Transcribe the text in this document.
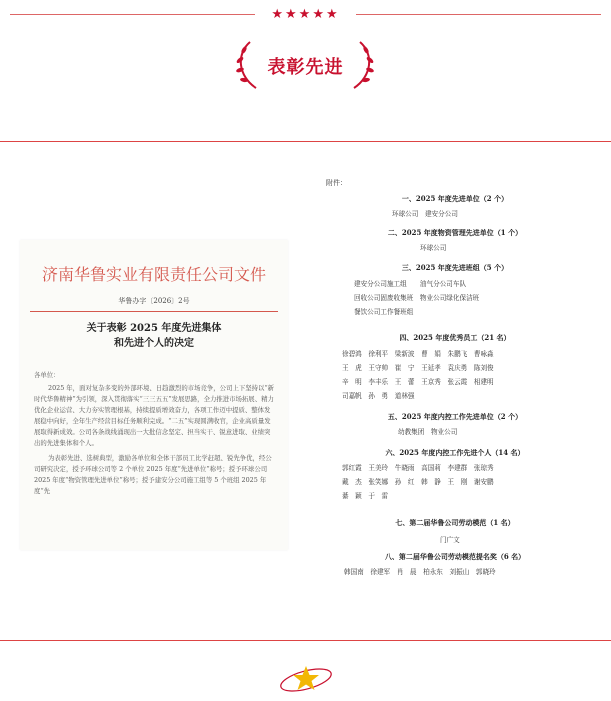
★★★★★
表彰先进
济南华鲁实业有限责任公司文件
华鲁办字〔2026〕2号
关于表彰 2025 年度先进集体
和先进个人的决定

各单位：

2025 年，面对复杂多变的外部环境、日趋激烈的市场竞争，公司上下坚持以“新时代华鲁精神”为引领，深入贯彻落实“三三五五”发展思路，全力推进市场拓展、精力优化企业运营、大力夯实管理根基，持续提质增效奋力，各项工作迈中提质、整体发展稳中向好，全年生产经营目标任务顺利完成。“二五”实现圆满收官，企业高质量发展取得新成效。公司各条战线涌现出一大批信念坚定、担当实干、锐意进取、业绩突出的先进集体和个人。

为表彰先进、选树典型，激励各单位和全体干部员工比学赶超、锐先争优，经公司研究决定，授予环球公司等 2 个单位 2025 年度“先进单位”称号；授予环球公司 2025 年度“物资管理先进单位”称号；授予建安分公司施工组等 5 个班组 2025 年度“先

附件：
一、2025 年度先进单位（2 个）
环球公司　建安分公司
二、2025 年度物资管理先进单位（1 个）
环球公司
三、2025 年度先进班组（5 个）
建安分公司施工组　　油气分公司车队
回收公司固废收集班　物业公司绿化保洁班
餐饮公司工作餐班组
四、2025 年度优秀员工（21 名）
徐碧鸿　徐利平　梁新波　曹　娟　朱鹏飞　曹咏淼
王　虎　王守帅　崔　宁　王延孝　袁庆勇　陈刘俊
辛　明　李丰乐　王　蕾　王京秀　张云霞　相建明
司嘉帆　孙　勇　道林强
五、2025 年度内控工作先进单位（2 个）
幼教集团　物业公司
六、2025 年度内控工作先进个人（14 名）
郭红霞　王美玲　牛晓雨　高国莉　李建群　张琼秀
戴　杰　张笑娜　孙　红　韩　静　王　刚　谢安鹏
綦　颖　于　雷
七、第二届华鲁公司劳动模范（1 名）
门广文
八、第二届华鲁公司劳动模范提名奖（6 名）
韩国南　徐建军　肖　晨　柏永东　刘振山　郭晓玲
